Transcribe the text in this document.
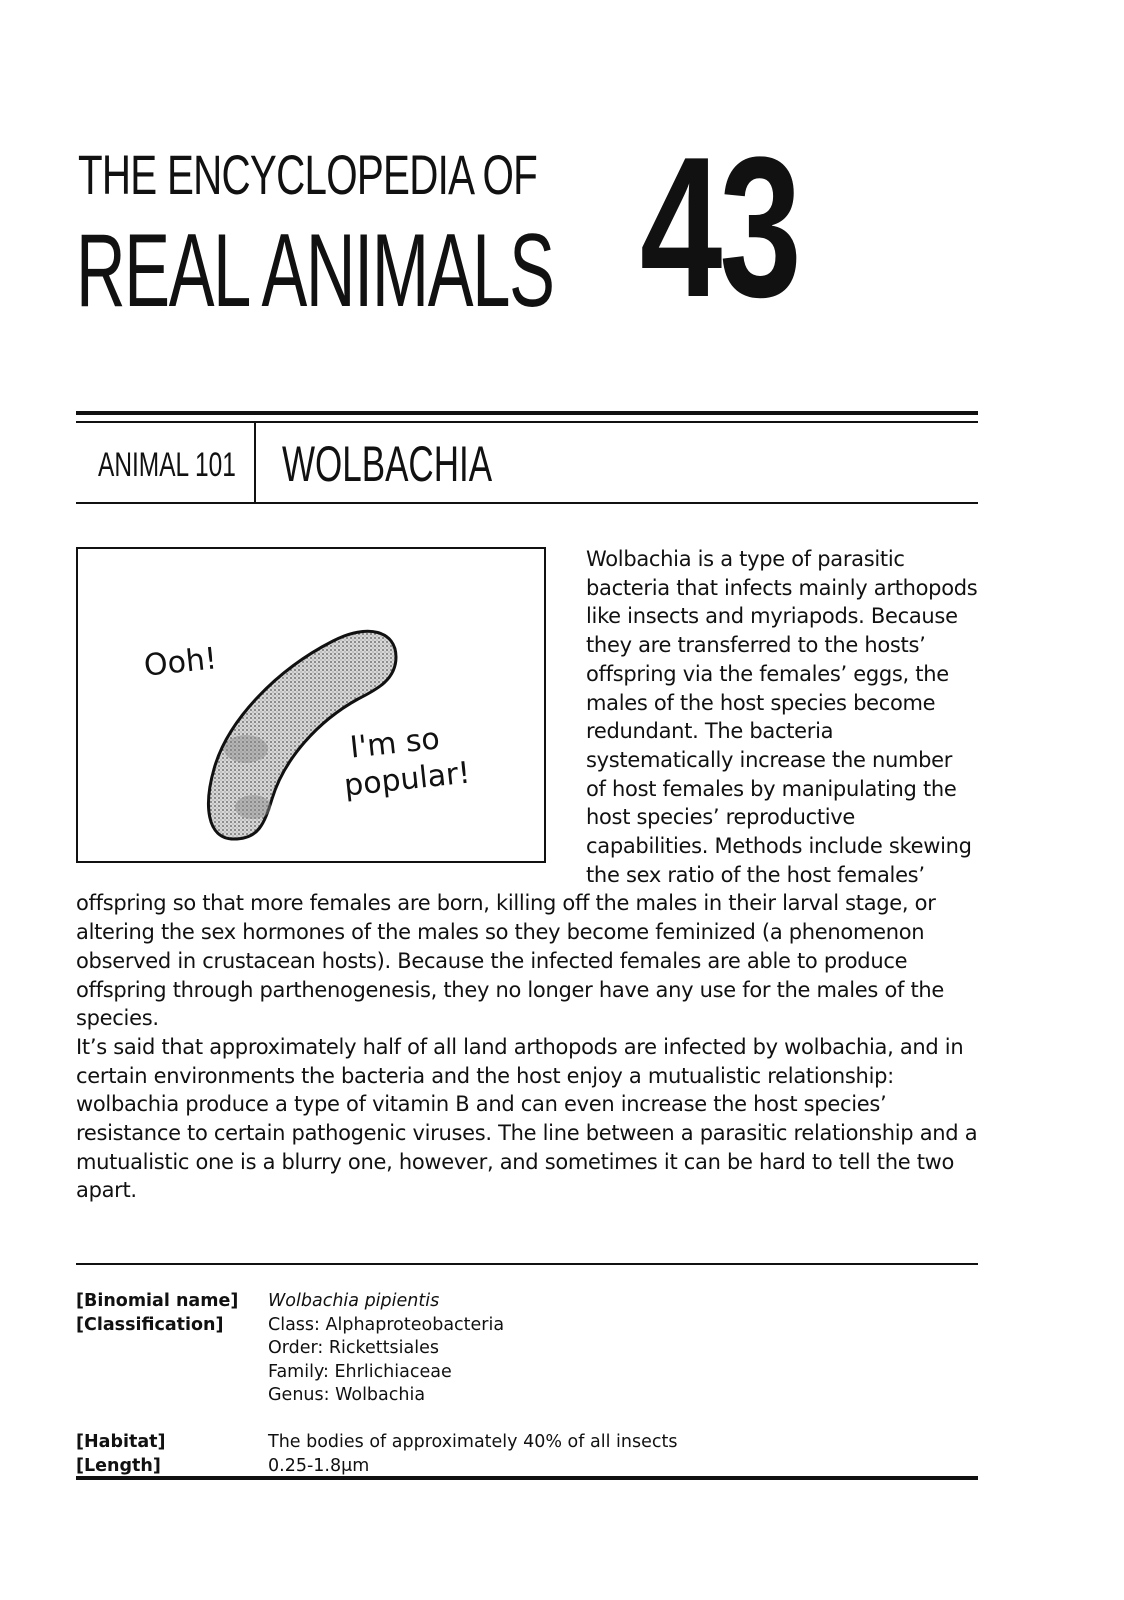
THE ENCYCLOPEDIA OF
REAL ANIMALS 43
ANIMAL 101 WOLBACHIA
Ooh!
I'm so
popular!

Wolbachia is a type of parasitic bacteria that infects mainly arthopods like insects and myriapods. Because they are transferred to the hosts’ offspring via the females’ eggs, the males of the host species become redundant. The bacteria systematically increase the number of host females by manipulating the host species’ reproductive capabilities. Methods include skewing the sex ratio of the host females’ offspring so that more females are born, killing off the males in their larval stage, or altering the sex hormones of the males so they become feminized (a phenomenon observed in crustacean hosts). Because the infected females are able to produce offspring through parthenogenesis, they no longer have any use for the males of the species.

It’s said that approximately half of all land arthopods are infected by wolbachia, and in certain environments the bacteria and the host enjoy a mutualistic relationship: wolbachia produce a type of vitamin B and can even increase the host species’ resistance to certain pathogenic viruses. The line between a parasitic relationship and a mutualistic one is a blurry one, however, and sometimes it can be hard to tell the two apart.

[Binomial name]	Wolbachia pipientis
[Classification]	Class: Alphaproteobacteria
Order: Rickettsiales
Family: Ehrlichiaceae
Genus: Wolbachia
[Habitat]	The bodies of approximately 40% of all insects
[Length]	0.25-1.8μm
